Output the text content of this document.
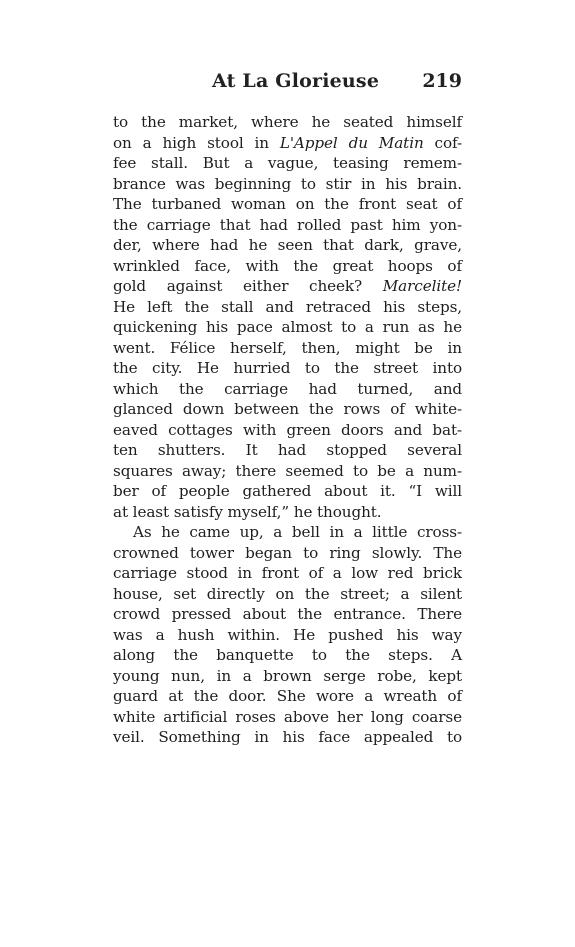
At La Glorieuse 219
to the market, where he seated himself
on a high stool in L'Appel du Matin cof-
fee stall. But a vague, teasing remem-
brance was beginning to stir in his brain.
The turbaned woman on the front seat of
the carriage that had rolled past him yon-
der, where had he seen that dark, grave,
wrinkled face, with the great hoops of
gold against either cheek? Marcelite!
He left the stall and retraced his steps,
quickening his pace almost to a run as he
went. Félice herself, then, might be in
the city. He hurried to the street into
which the carriage had turned, and
glanced down between the rows of white-
eaved cottages with green doors and bat-
ten shutters. It had stopped several
squares away; there seemed to be a num-
ber of people gathered about it. “I will
at least satisfy myself,” he thought.
As he came up, a bell in a little cross-
crowned tower began to ring slowly. The
carriage stood in front of a low red brick
house, set directly on the street; a silent
crowd pressed about the entrance. There
was a hush within. He pushed his way
along the banquette to the steps. A
young nun, in a brown serge robe, kept
guard at the door. She wore a wreath of
white artificial roses above her long coarse
veil. Something in his face appealed to
